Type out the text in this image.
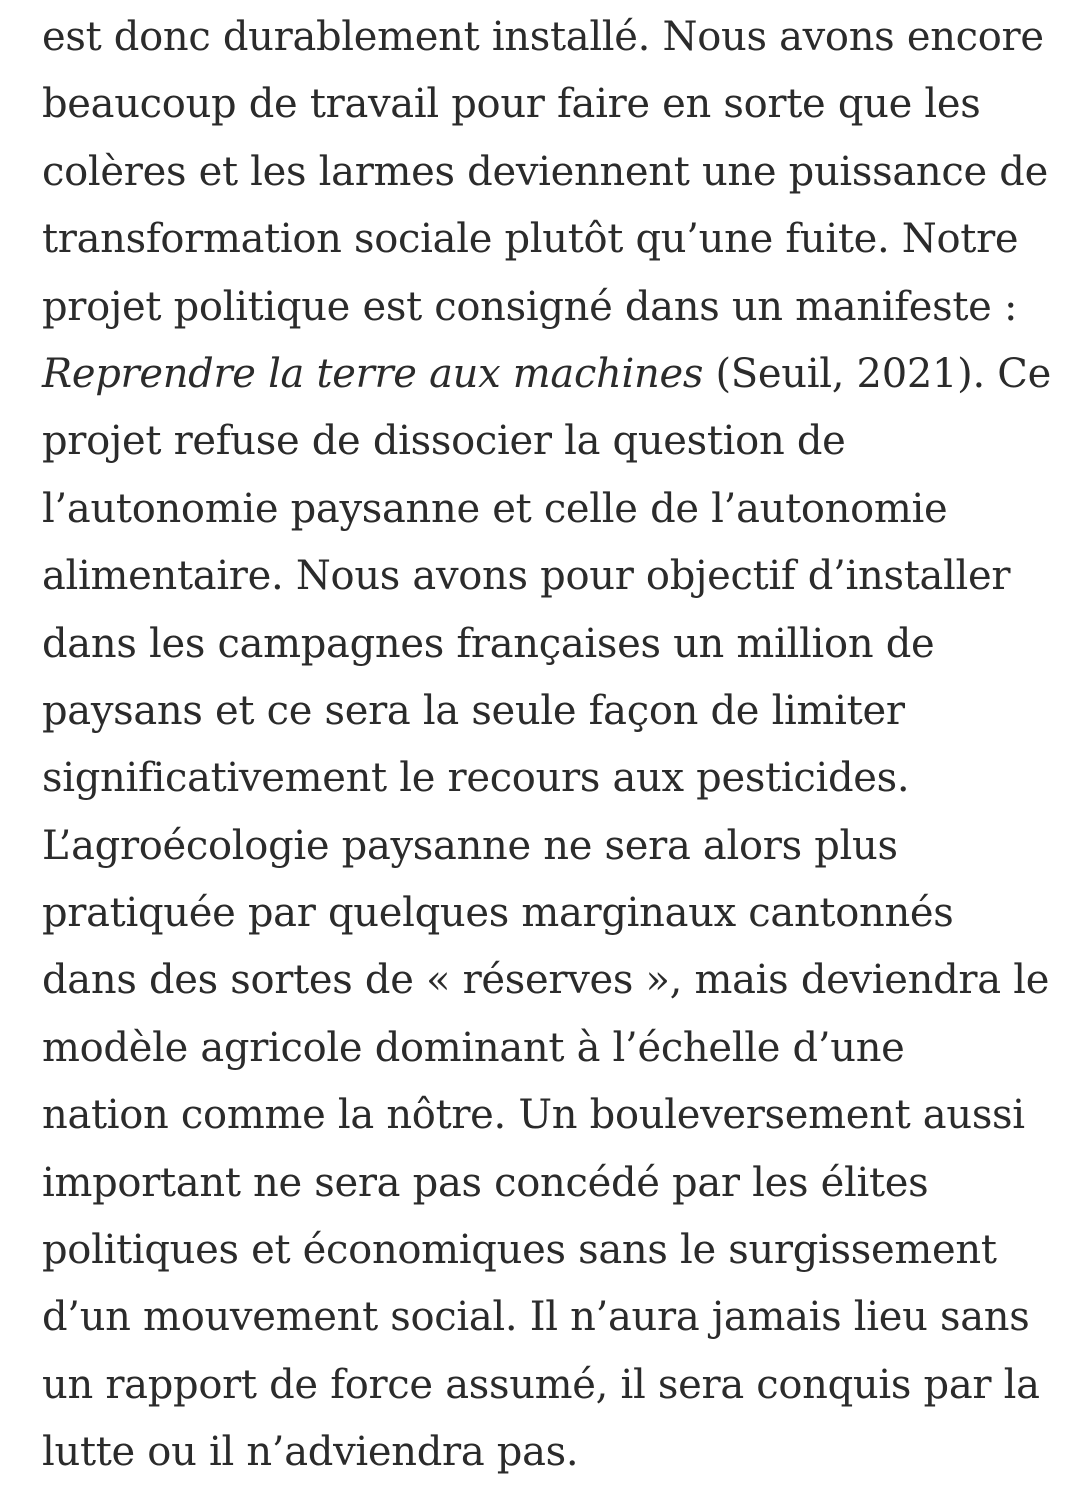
est donc durablement installé. Nous avons encore
beaucoup de travail pour faire en sorte que les
colères et les larmes deviennent une puissance de
transformation sociale plutôt qu’une fuite. Notre
projet politique est consigné dans un manifeste :
Reprendre la terre aux machines (Seuil, 2021). Ce
projet refuse de dissocier la question de
l’autonomie paysanne et celle de l’autonomie
alimentaire. Nous avons pour objectif d’installer
dans les campagnes françaises un million de
paysans et ce sera la seule façon de limiter
significativement le recours aux pesticides.
L’agroécologie paysanne ne sera alors plus
pratiquée par quelques marginaux cantonnés
dans des sortes de « réserves », mais deviendra le
modèle agricole dominant à l’échelle d’une
nation comme la nôtre. Un bouleversement aussi
important ne sera pas concédé par les élites
politiques et économiques sans le surgissement
d’un mouvement social. Il n’aura jamais lieu sans
un rapport de force assumé, il sera conquis par la
lutte ou il n’adviendra pas.
